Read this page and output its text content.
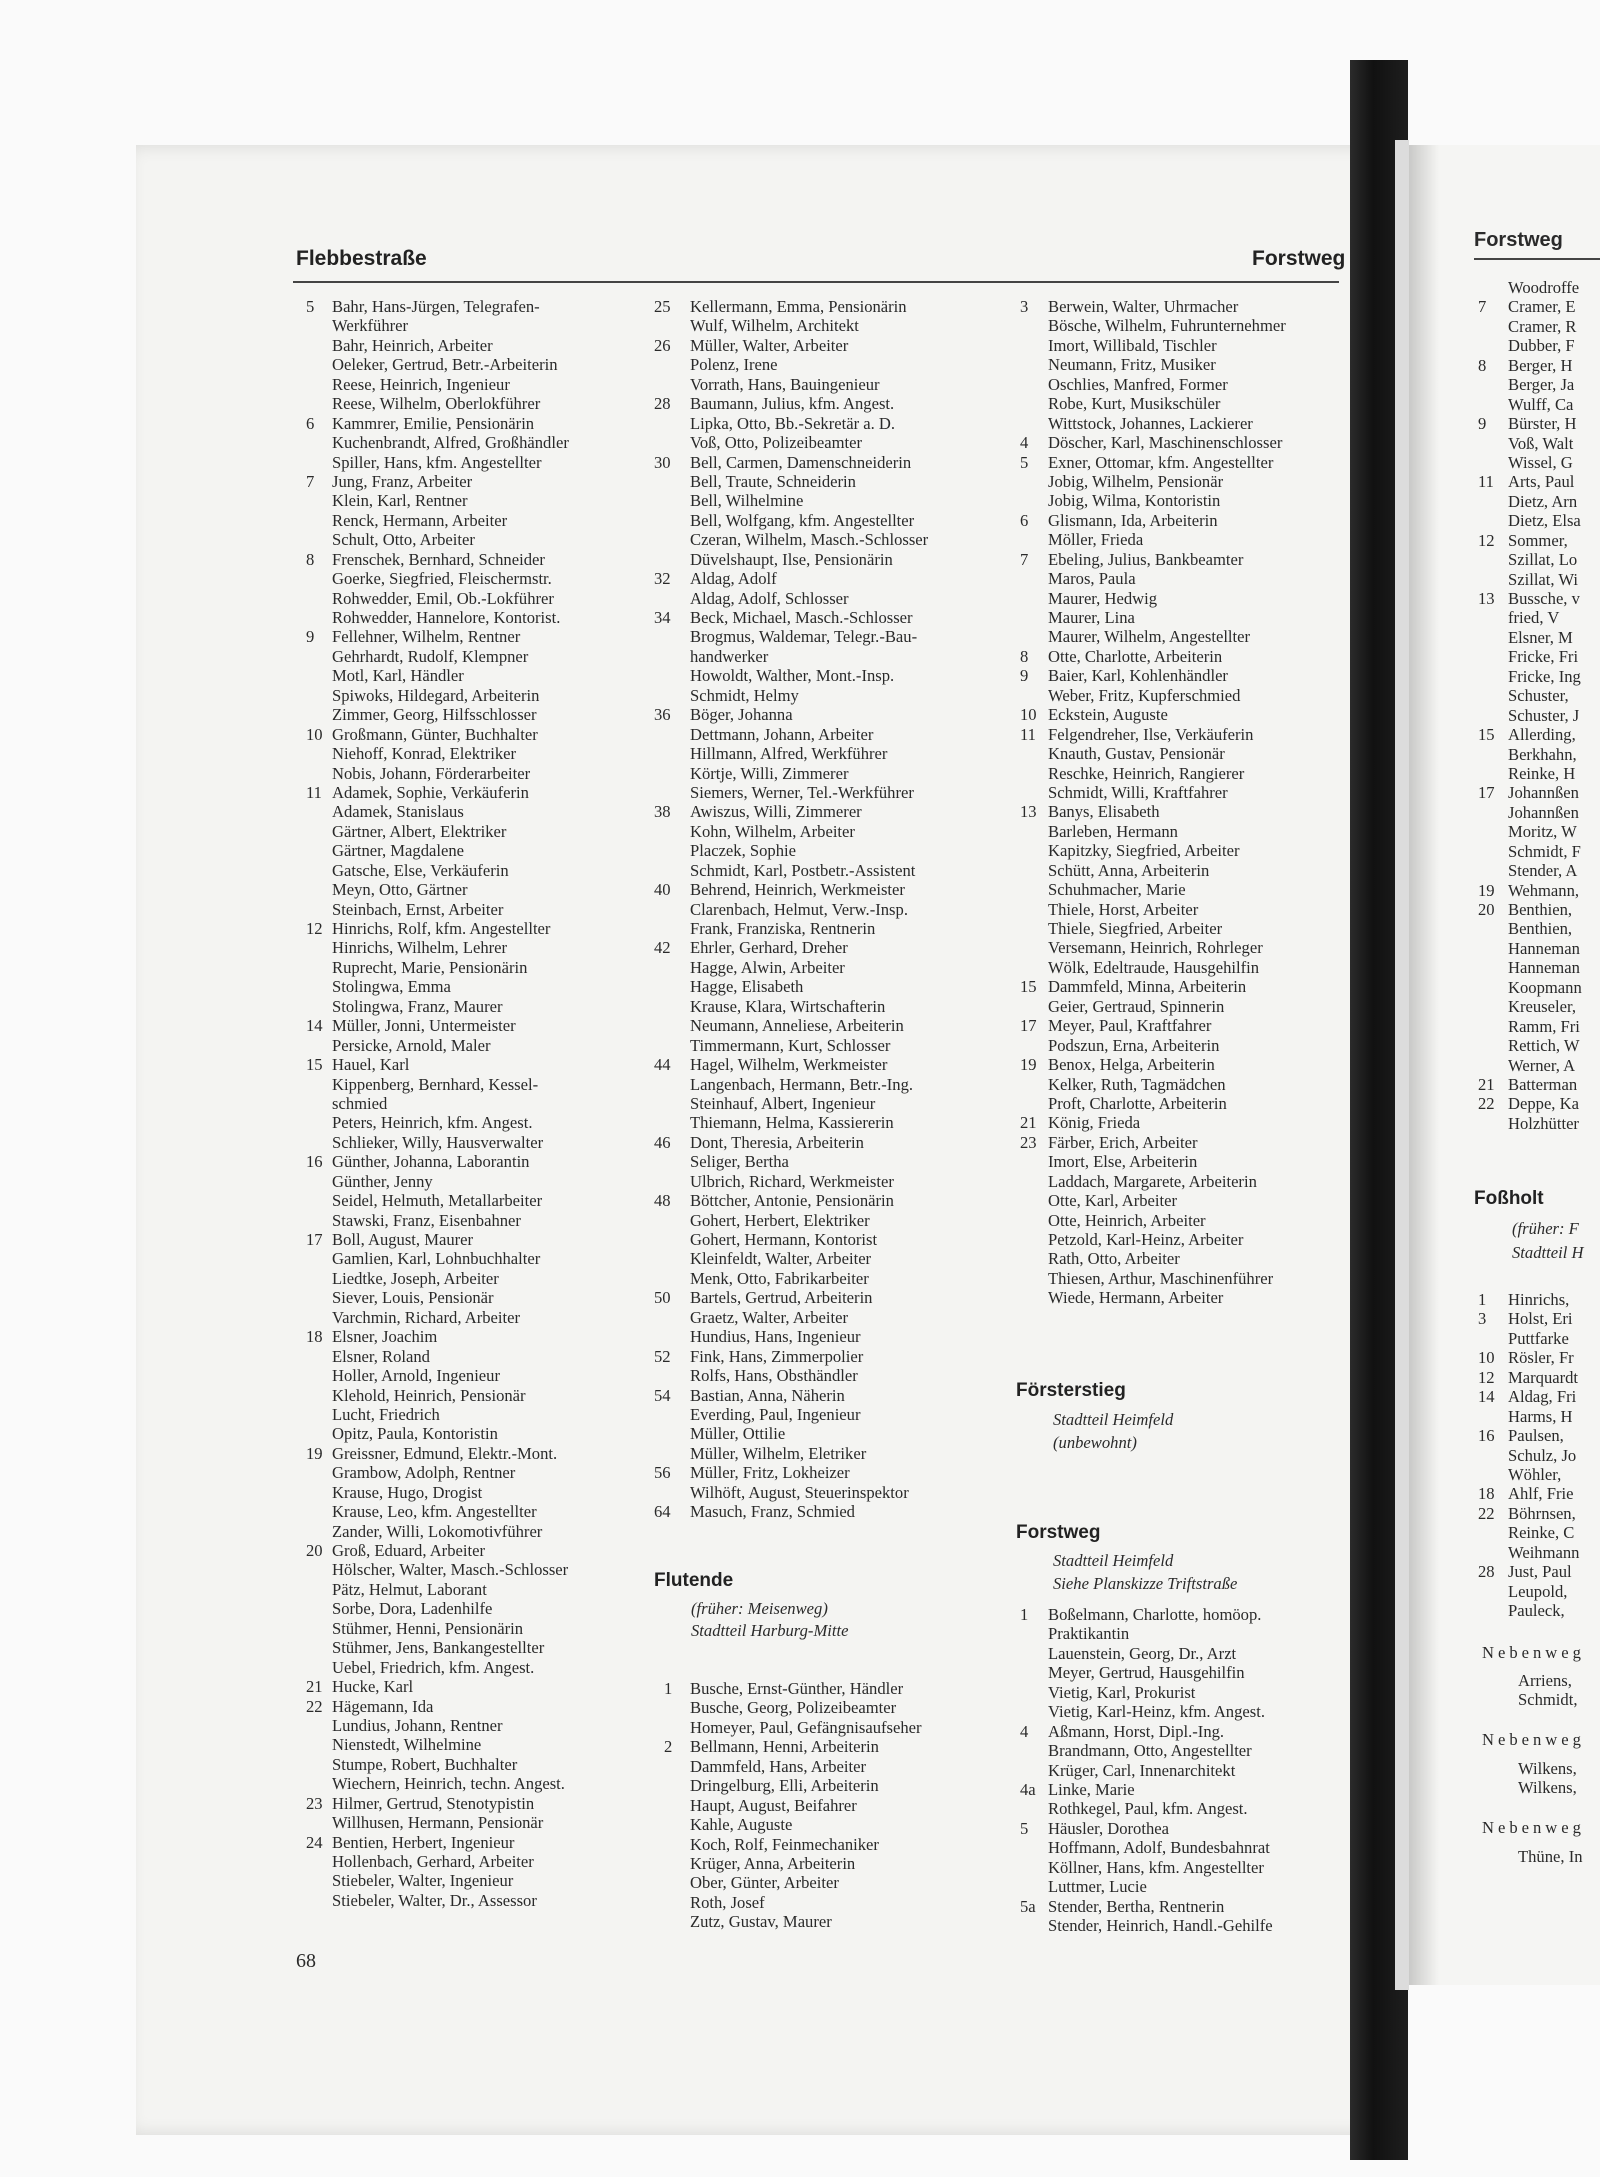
Flebbestraße	Forstweg
5	Bahr, Hans-Jürgen, Telegrafen-
Werkführer
Bahr, Heinrich, Arbeiter
Oeleker, Gertrud, Betr.-Arbeiterin
Reese, Heinrich, Ingenieur
Reese, Wilhelm, Oberlokführer
6	Kammrer, Emilie, Pensionärin
Kuchenbrandt, Alfred, Großhändler
Spiller, Hans, kfm. Angestellter
7	Jung, Franz, Arbeiter
Klein, Karl, Rentner
Renck, Hermann, Arbeiter
Schult, Otto, Arbeiter
8	Frenschek, Bernhard, Schneider
Goerke, Siegfried, Fleischermstr.
Rohwedder, Emil, Ob.-Lokführer
Rohwedder, Hannelore, Kontorist.
9	Fellehner, Wilhelm, Rentner
Gehrhardt, Rudolf, Klempner
Motl, Karl, Händler
Spiwoks, Hildegard, Arbeiterin
Zimmer, Georg, Hilfsschlosser
10 Großmann, Günter, Buchhalter
Niehoff, Konrad, Elektriker
Nobis, Johann, Förderarbeiter
11 Adamek, Sophie, Verkäuferin
Adamek, Stanislaus
Gärtner, Albert, Elektriker
Gärtner, Magdalene
Gatsche, Else, Verkäuferin
Meyn, Otto, Gärtner
Steinbach, Ernst, Arbeiter
12 Hinrichs, Rolf, kfm. Angestellter
Hinrichs, Wilhelm, Lehrer
Ruprecht, Marie, Pensionärin
Stolingwa, Emma
Stolingwa, Franz, Maurer
14 Müller, Jonni, Untermeister
Persicke, Arnold, Maler
15 Hauel, Karl
Kippenberg, Bernhard, Kessel-
schmied
Peters, Heinrich, kfm. Angest.
Schlieker, Willy, Hausverwalter
16 Günther, Johanna, Laborantin
Günther, Jenny
Seidel, Helmuth, Metallarbeiter
Stawski, Franz, Eisenbahner
17 Boll, August, Maurer
Gamlien, Karl, Lohnbuchhalter
Liedtke, Joseph, Arbeiter
Siever, Louis, Pensionär
Varchmin, Richard, Arbeiter
18 Elsner, Joachim
Elsner, Roland
Holler, Arnold, Ingenieur
Klehold, Heinrich, Pensionär
Lucht, Friedrich
Opitz, Paula, Kontoristin
19 Greissner, Edmund, Elektr.-Mont.
Grambow, Adolph, Rentner
Krause, Hugo, Drogist
Krause, Leo, kfm. Angestellter
Zander, Willi, Lokomotivführer
20 Groß, Eduard, Arbeiter
Hölscher, Walter, Masch.-Schlosser
Pätz, Helmut, Laborant
Sorbe, Dora, Ladenhilfe
Stühmer, Henni, Pensionärin
Stühmer, Jens, Bankangestellter
Uebel, Friedrich, kfm. Angest.
21 Hucke, Karl
22 Hägemann, Ida
Lundius, Johann, Rentner
Nienstedt, Wilhelmine
Stumpe, Robert, Buchhalter
Wiechern, Heinrich, techn. Angest.
23 Hilmer, Gertrud, Stenotypistin
Willhusen, Hermann, Pensionär
24 Bentien, Herbert, Ingenieur
Hollenbach, Gerhard, Arbeiter
Stiebeler, Walter, Ingenieur
Stiebeler, Walter, Dr., Assessor
25	Kellermann, Emma, Pensionärin
Wulf, Wilhelm, Architekt
26	Müller, Walter, Arbeiter
Polenz, Irene
Vorrath, Hans, Bauingenieur
28	Baumann, Julius, kfm. Angest.
Lipka, Otto, Bb.-Sekretär a. D.
Voß, Otto, Polizeibeamter
30	Bell, Carmen, Damenschneiderin
Bell, Traute, Schneiderin
Bell, Wilhelmine
Bell, Wolfgang, kfm. Angestellter
Czeran, Wilhelm, Masch.-Schlosser
Düvelshaupt, Ilse, Pensionärin
32	Aldag, Adolf
Aldag, Adolf, Schlosser
34	Beck, Michael, Masch.-Schlosser
Brogmus, Waldemar, Telegr.-Bau-
handwerker
Howoldt, Walther, Mont.-Insp.
Schmidt, Helmy
36	Böger, Johanna
Dettmann, Johann, Arbeiter
Hillmann, Alfred, Werkführer
Körtje, Willi, Zimmerer
Siemers, Werner, Tel.-Werkführer
38	Awiszus, Willi, Zimmerer
Kohn, Wilhelm, Arbeiter
Placzek, Sophie
Schmidt, Karl, Postbetr.-Assistent
40	Behrend, Heinrich, Werkmeister
Clarenbach, Helmut, Verw.-Insp.
Frank, Franziska, Rentnerin
42	Ehrler, Gerhard, Dreher
Hagge, Alwin, Arbeiter
Hagge, Elisabeth
Krause, Klara, Wirtschafterin
Neumann, Anneliese, Arbeiterin
Timmermann, Kurt, Schlosser
44	Hagel, Wilhelm, Werkmeister
Langenbach, Hermann, Betr.-Ing.
Steinhauf, Albert, Ingenieur
Thiemann, Helma, Kassiererin
46	Dont, Theresia, Arbeiterin
Seliger, Bertha
Ulbrich, Richard, Werkmeister
48	Böttcher, Antonie, Pensionärin
Gohert, Herbert, Elektriker
Gohert, Hermann, Kontorist
Kleinfeldt, Walter, Arbeiter
Menk, Otto, Fabrikarbeiter
50	Bartels, Gertrud, Arbeiterin
Graetz, Walter, Arbeiter
Hundius, Hans, Ingenieur
52	Fink, Hans, Zimmerpolier
Rolfs, Hans, Obsthändler
54	Bastian, Anna, Näherin
Everding, Paul, Ingenieur
Müller, Ottilie
Müller, Wilhelm, Eletriker
56	Müller, Fritz, Lokheizer
Wilhöft, August, Steuerinspektor
64	Masuch, Franz, Schmied
Flutende
(früher: Meisenweg)
Stadtteil Harburg-Mitte
1	Busche, Ernst-Günther, Händler
Busche, Georg, Polizeibeamter
Homeyer, Paul, Gefängnisaufseher
2	Bellmann, Henni, Arbeiterin
Dammfeld, Hans, Arbeiter
Dringelburg, Elli, Arbeiterin
Haupt, August, Beifahrer
Kahle, Auguste
Koch, Rolf, Feinmechaniker
Krüger, Anna, Arbeiterin
Ober, Günter, Arbeiter
Roth, Josef
Zutz, Gustav, Maurer
3	Berwein, Walter, Uhrmacher
Bösche, Wilhelm, Fuhrunternehmer
Imort, Willibald, Tischler
Neumann, Fritz, Musiker
Oschlies, Manfred, Former
Robe, Kurt, Musikschüler
Wittstock, Johannes, Lackierer
4	Döscher, Karl, Maschinenschlosser
5	Exner, Ottomar, kfm. Angestellter
Jobig, Wilhelm, Pensionär
Jobig, Wilma, Kontoristin
6	Glismann, Ida, Arbeiterin
Möller, Frieda
7	Ebeling, Julius, Bankbeamter
Maros, Paula
Maurer, Hedwig
Maurer, Lina
Maurer, Wilhelm, Angestellter
8	Otte, Charlotte, Arbeiterin
9	Baier, Karl, Kohlenhändler
Weber, Fritz, Kupferschmied
10 Eckstein, Auguste
11 Felgendreher, Ilse, Verkäuferin
Knauth, Gustav, Pensionär
Reschke, Heinrich, Rangierer
Schmidt, Willi, Kraftfahrer
13 Banys, Elisabeth
Barleben, Hermann
Kapitzky, Siegfried, Arbeiter
Schütt, Anna, Arbeiterin
Schuhmacher, Marie
Thiele, Horst, Arbeiter
Thiele, Siegfried, Arbeiter
Versemann, Heinrich, Rohrleger
Wölk, Edeltraude, Hausgehilfin
15 Dammfeld, Minna, Arbeiterin
Geier, Gertraud, Spinnerin
17 Meyer, Paul, Kraftfahrer
Podszun, Erna, Arbeiterin
19 Benox, Helga, Arbeiterin
Kelker, Ruth, Tagmädchen
Proft, Charlotte, Arbeiterin
21 König, Frieda
23 Färber, Erich, Arbeiter
Imort, Else, Arbeiterin
Laddach, Margarete, Arbeiterin
Otte, Karl, Arbeiter
Otte, Heinrich, Arbeiter
Petzold, Karl-Heinz, Arbeiter
Rath, Otto, Arbeiter
Thiesen, Arthur, Maschinenführer
Wiede, Hermann, Arbeiter
Försterstieg
Stadtteil Heimfeld
(unbewohnt)
Forstweg
Stadtteil Heimfeld
Siehe Planskizze Triftstraße
1	Boßelmann, Charlotte, homöop.
Praktikantin
Lauenstein, Georg, Dr., Arzt
Meyer, Gertrud, Hausgehilfin
Vietig, Karl, Prokurist
Vietig, Karl-Heinz, kfm. Angest.
4	Aßmann, Horst, Dipl.-Ing.
Brandmann, Otto, Angestellter
Krüger, Carl, Innenarchitekt
4a Linke, Marie
Rothkegel, Paul, kfm. Angest.
5	Häusler, Dorothea
Hoffmann, Adolf, Bundesbahnrat
Köllner, Hans, kfm. Angestellter
Luttmer, Lucie
5a Stender, Bertha, Rentnerin
Stender, Heinrich, Handl.-Gehilfe
68
Forstweg
Woodroffe
7	Cramer, E
Cramer, R
Dubber, F
8	Berger, H
Berger, Ja
Wulff, Ca
9	Bürster, H
Voß, Walt
Wissel, G
11 Arts, Paul
Dietz, Arn
Dietz, Elsa
12 Sommer,
Szillat, Lo
Szillat, Wi
13 Bussche, v
fried, V
Elsner, M
Fricke, Fri
Fricke, Ing
Schuster,
Schuster, J
15 Allerding,
Berkhahn,
Reinke, H
17 Johannßen
Johannßen
Moritz, W
Schmidt, F
Stender, A
19 Wehmann,
20 Benthien,
Benthien,
Hanneman
Hanneman
Koopmann
Kreuseler,
Ramm, Fri
Rettich, W
Werner, A
21 Batterman
22 Deppe, Ka
Holzhütter
Foßholt
(früher: F
Stadtteil H
1	Hinrichs,
3	Holst, Eri
Puttfarke
10 Rösler, Fr
12 Marquardt
14 Aldag, Fri
Harms, H
16 Paulsen,
Schulz, Jo
Wöhler,
18 Ahlf, Frie
22 Böhrnsen,
Reinke, C
Weihmann
28 Just, Paul
Leupold,
Pauleck,
Nebenweg
Arriens,
Schmidt,
Nebenweg
Wilkens,
Wilkens,
Nebenweg
Thüne, In
